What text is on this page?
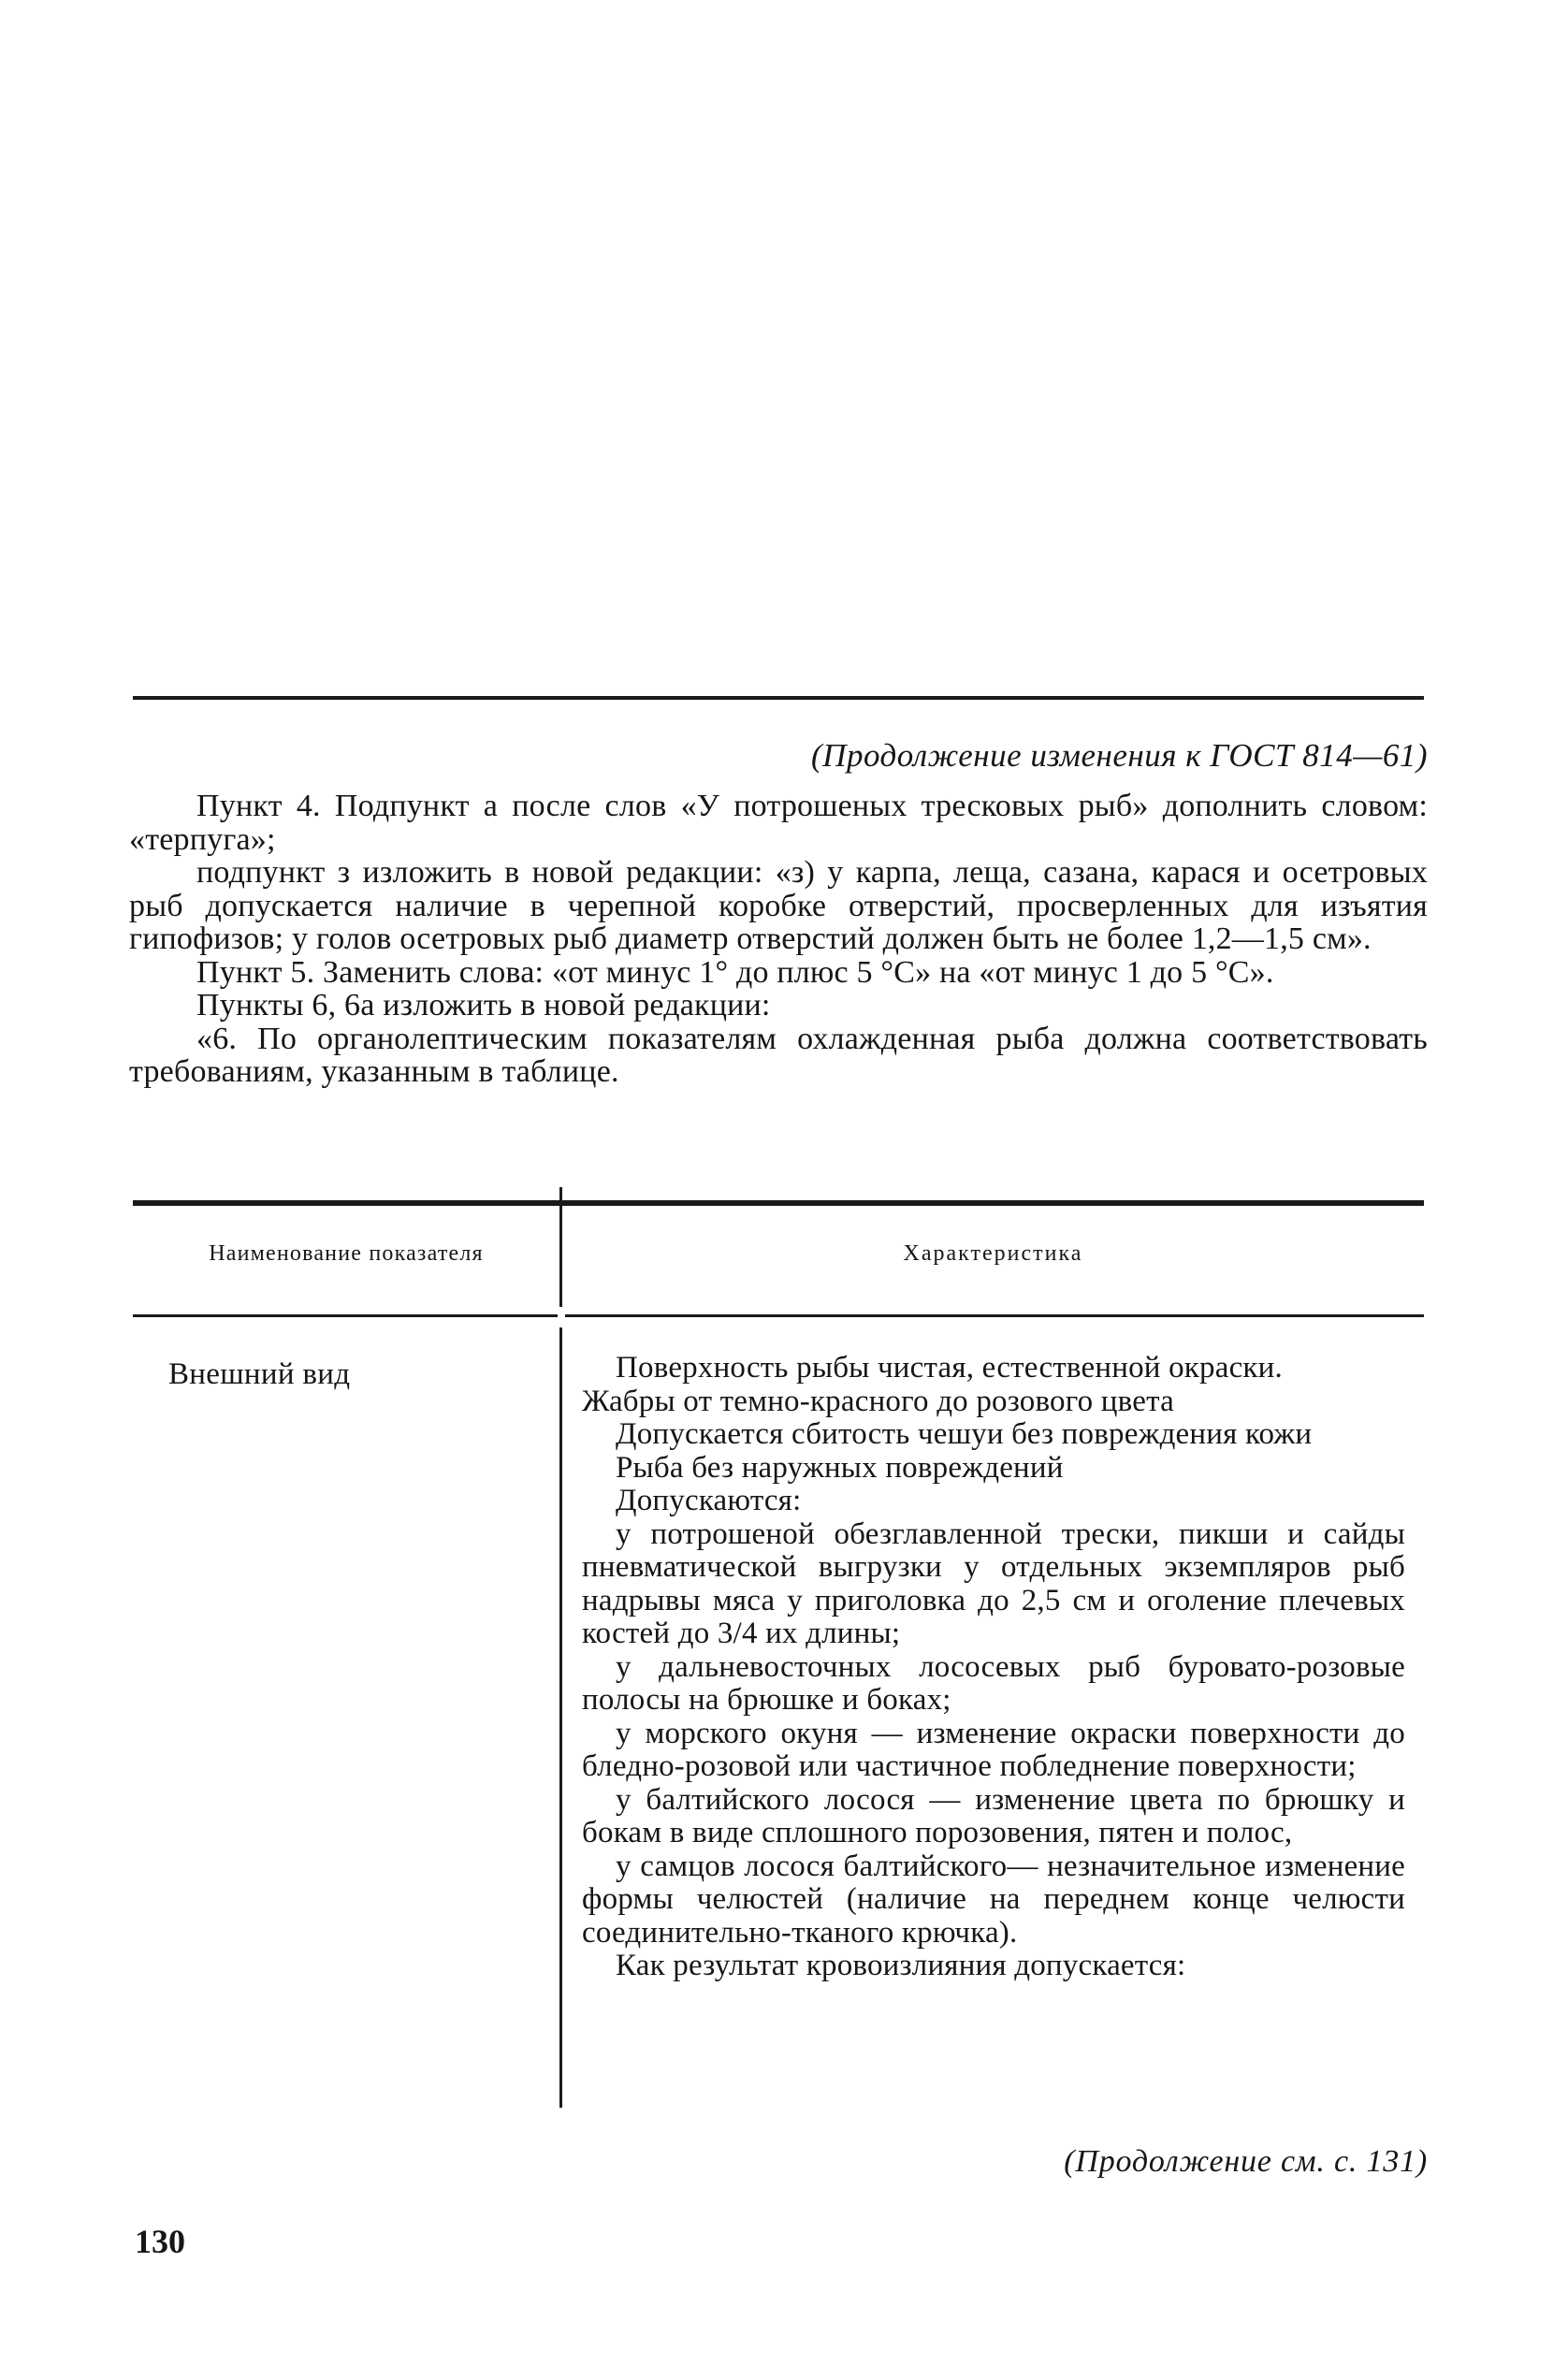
(Продолжение изменения к ГОСТ 814—61)

Пункт 4. Подпункт а после слов «У потрошеных тресковых рыб» дополнить словом: «терпуга»;

подпункт з изложить в новой редакции: «з) у карпа, леща, сазана, карася и осетровых рыб допускается наличие в черепной коробке отверстий, просверленных для изъятия гипофизов; у голов осетровых рыб диаметр отверстий должен быть не более 1,2—1,5 см».

Пункт 5. Заменить слова: «от минус 1° до плюс 5 °С» на «от минус 1 до 5 °С».

Пункты 6, 6а изложить в новой редакции:

«6. По органолептическим показателям охлажденная рыба должна соответствовать требованиям, указанным в таблице.

Наименование показателя	Характеристика
Внешний вид	Поверхность рыбы чистая, естественной окраски.

Жабры от темно-красного до розового цвета

Допускается сбитость чешуи без повреждения кожи

Рыба без наружных повреждений

Допускаются:

у потрошеной обезглавленной трески, пикши и сайды пневматической выгрузки у отдельных экземпляров рыб надрывы мяса у приголовка до 2,5 см и оголение плечевых костей до 3/4 их длины;

у дальневосточных лососевых рыб буровато-розовые полосы на брюшке и боках;

у морского окуня — изменение окраски поверхности до бледно-розовой или частичное побледнение поверхности;

у балтийского лосося — изменение цвета по брюшку и бокам в виде сплошного порозовения, пятен и полос,

у самцов лосося балтийского— незначительное изменение формы челюстей (наличие на переднем конце челюсти соединительно-тканого крючка).

Как результат кровоизлияния допускается:

(Продолжение см. с. 131)
130
